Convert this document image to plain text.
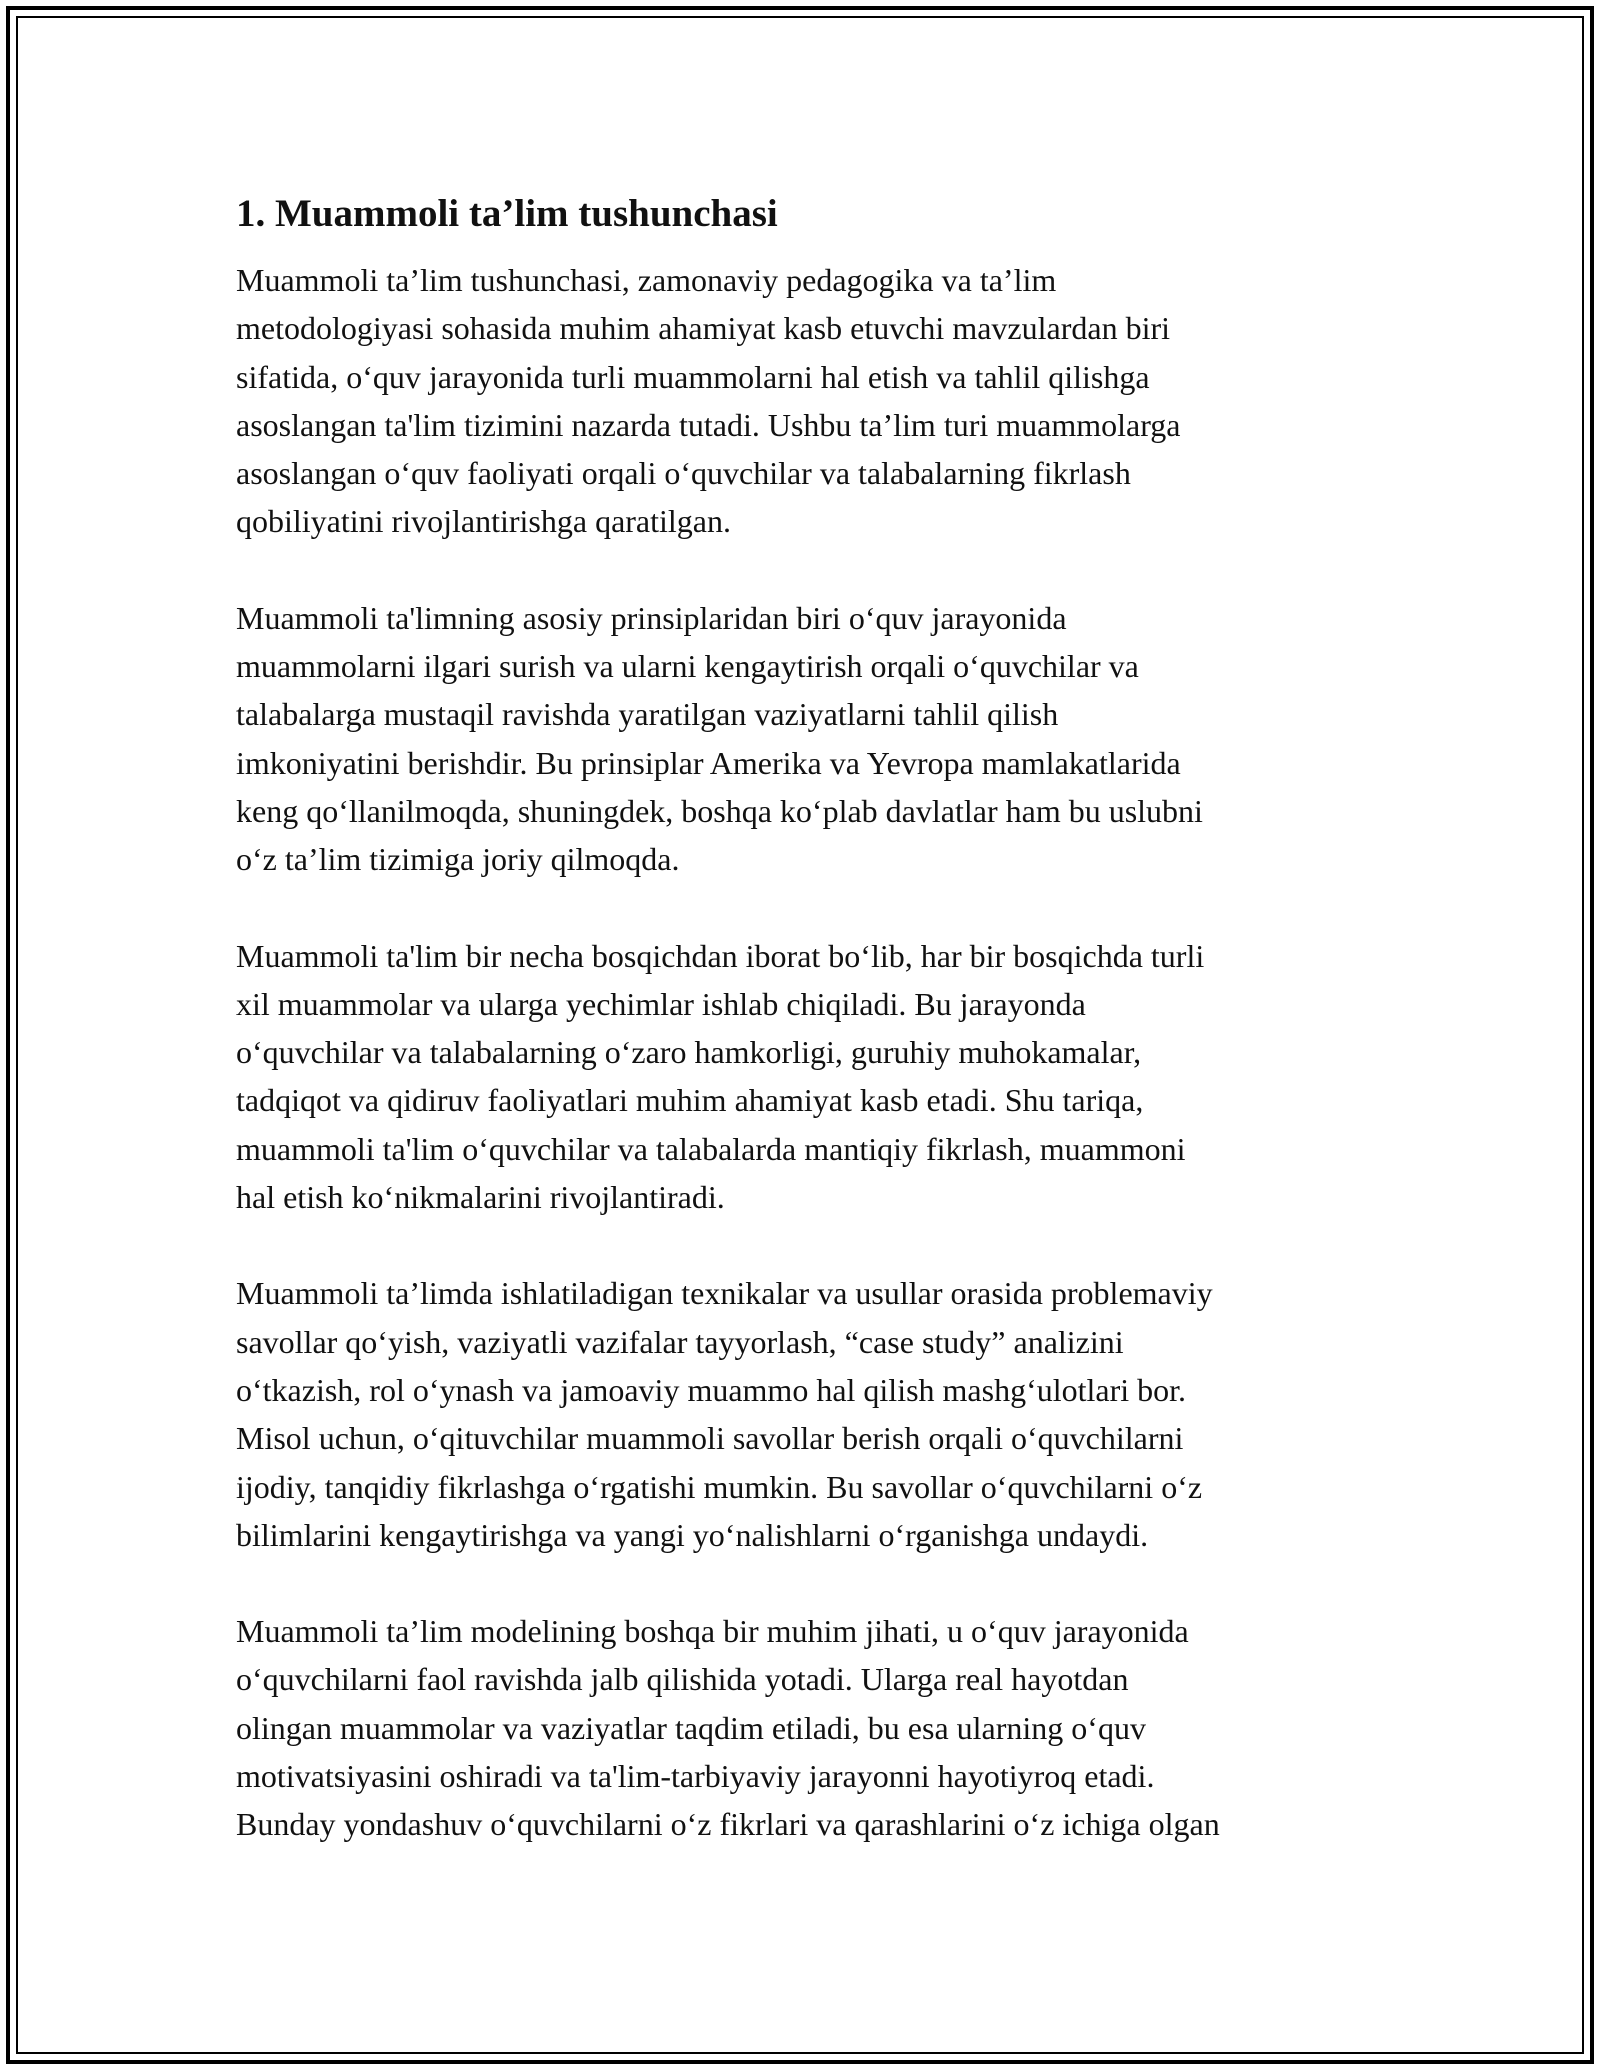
1. Muammoli ta’lim tushunchasi

Muammoli ta’lim tushunchasi, zamonaviy pedagogika va ta’lim
metodologiyasi sohasida muhim ahamiyat kasb etuvchi mavzulardan biri
sifatida, o‘quv jarayonida turli muammolarni hal etish va tahlil qilishga
asoslangan ta'lim tizimini nazarda tutadi. Ushbu ta’lim turi muammolarga
asoslangan o‘quv faoliyati orqali o‘quvchilar va talabalarning fikrlash
qobiliyatini rivojlantirishga qaratilgan.

Muammoli ta'limning asosiy prinsiplaridan biri o‘quv jarayonida
muammolarni ilgari surish va ularni kengaytirish orqali o‘quvchilar va
talabalarga mustaqil ravishda yaratilgan vaziyatlarni tahlil qilish
imkoniyatini berishdir. Bu prinsiplar Amerika va Yevropa mamlakatlarida
keng qo‘llanilmoqda, shuningdek, boshqa ko‘plab davlatlar ham bu uslubni
o‘z ta’lim tizimiga joriy qilmoqda.

Muammoli ta'lim bir necha bosqichdan iborat bo‘lib, har bir bosqichda turli
xil muammolar va ularga yechimlar ishlab chiqiladi. Bu jarayonda
o‘quvchilar va talabalarning o‘zaro hamkorligi, guruhiy muhokamalar,
tadqiqot va qidiruv faoliyatlari muhim ahamiyat kasb etadi. Shu tariqa,
muammoli ta'lim o‘quvchilar va talabalarda mantiqiy fikrlash, muammoni
hal etish ko‘nikmalarini rivojlantiradi.

Muammoli ta’limda ishlatiladigan texnikalar va usullar orasida problemaviy
savollar qo‘yish, vaziyatli vazifalar tayyorlash, “case study” analizini
o‘tkazish, rol o‘ynash va jamoaviy muammo hal qilish mashg‘ulotlari bor.
Misol uchun, o‘qituvchilar muammoli savollar berish orqali o‘quvchilarni
ijodiy, tanqidiy fikrlashga o‘rgatishi mumkin. Bu savollar o‘quvchilarni o‘z
bilimlarini kengaytirishga va yangi yo‘nalishlarni o‘rganishga undaydi.

Muammoli ta’lim modelining boshqa bir muhim jihati, u o‘quv jarayonida
o‘quvchilarni faol ravishda jalb qilishida yotadi. Ularga real hayotdan
olingan muammolar va vaziyatlar taqdim etiladi, bu esa ularning o‘quv
motivatsiyasini oshiradi va ta'lim-tarbiyaviy jarayonni hayotiyroq etadi.
Bunday yondashuv o‘quvchilarni o‘z fikrlari va qarashlarini o‘z ichiga olgan
